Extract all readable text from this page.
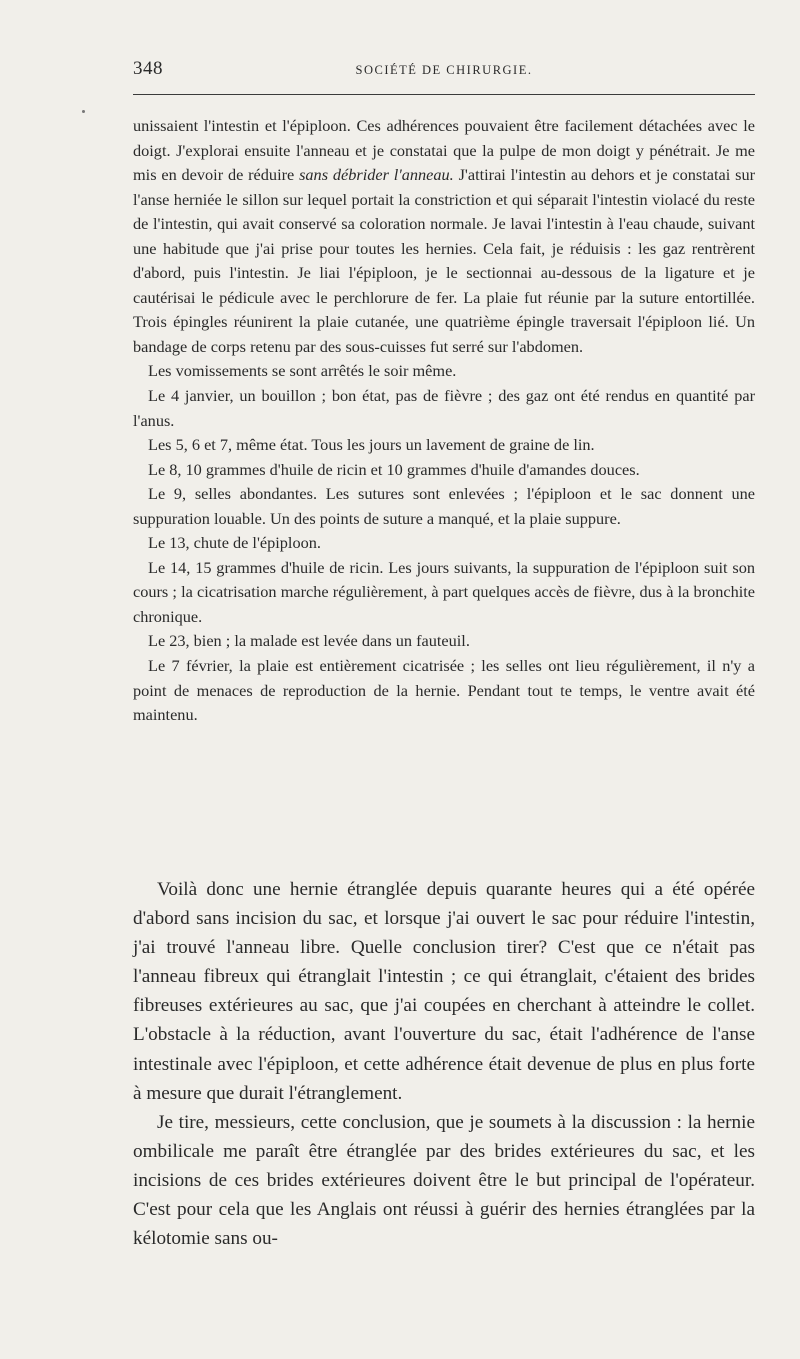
348	SOCIÉTÉ DE CHIRURGIE.

unissaient l'intestin et l'épiploon. Ces adhérences pouvaient être facilement détachées avec le doigt. J'explorai ensuite l'anneau et je constatai que la pulpe de mon doigt y pénétrait. Je me mis en devoir de réduire sans débrider l'anneau. J'attirai l'intestin au dehors et je constatai sur l'anse herniée le sillon sur lequel portait la constriction et qui séparait l'intestin violacé du reste de l'intestin, qui avait conservé sa coloration normale. Je lavai l'intestin à l'eau chaude, suivant une habitude que j'ai prise pour toutes les hernies. Cela fait, je réduisis : les gaz rentrèrent d'abord, puis l'intestin. Je liai l'épiploon, je le sectionnai au-dessous de la ligature et je cautérisai le pédicule avec le perchlorure de fer. La plaie fut réunie par la suture entortillée. Trois épingles réunirent la plaie cutanée, une quatrième épingle traversait l'épiploon lié. Un bandage de corps retenu par des sous-cuisses fut serré sur l'abdomen.

Les vomissements se sont arrêtés le soir même.

Le 4 janvier, un bouillon ; bon état, pas de fièvre ; des gaz ont été rendus en quantité par l'anus.

Les 5, 6 et 7, même état. Tous les jours un lavement de graine de lin.

Le 8, 10 grammes d'huile de ricin et 10 grammes d'huile d'amandes douces.

Le 9, selles abondantes. Les sutures sont enlevées ; l'épiploon et le sac donnent une suppuration louable. Un des points de suture a manqué, et la plaie suppure.

Le 13, chute de l'épiploon.

Le 14, 15 grammes d'huile de ricin. Les jours suivants, la suppuration de l'épiploon suit son cours ; la cicatrisation marche régulièrement, à part quelques accès de fièvre, dus à la bronchite chronique.

Le 23, bien ; la malade est levée dans un fauteuil.

Le 7 février, la plaie est entièrement cicatrisée ; les selles ont lieu régulièrement, il n'y a point de menaces de reproduction de la hernie. Pendant tout te temps, le ventre avait été maintenu.

Voilà donc une hernie étranglée depuis quarante heures qui a été opérée d'abord sans incision du sac, et lorsque j'ai ouvert le sac pour réduire l'intestin, j'ai trouvé l'anneau libre. Quelle conclusion tirer? C'est que ce n'était pas l'anneau fibreux qui étranglait l'intestin ; ce qui étranglait, c'étaient des brides fibreuses extérieures au sac, que j'ai coupées en cherchant à atteindre le collet. L'obstacle à la réduction, avant l'ouverture du sac, était l'adhérence de l'anse intestinale avec l'épiploon, et cette adhérence était devenue de plus en plus forte à mesure que durait l'étranglement.

Je tire, messieurs, cette conclusion, que je soumets à la discussion : la hernie ombilicale me paraît être étranglée par des brides extérieures du sac, et les incisions de ces brides extérieures doivent être le but principal de l'opérateur. C'est pour cela que les Anglais ont réussi à guérir des hernies étranglées par la kélotomie sans ou-
